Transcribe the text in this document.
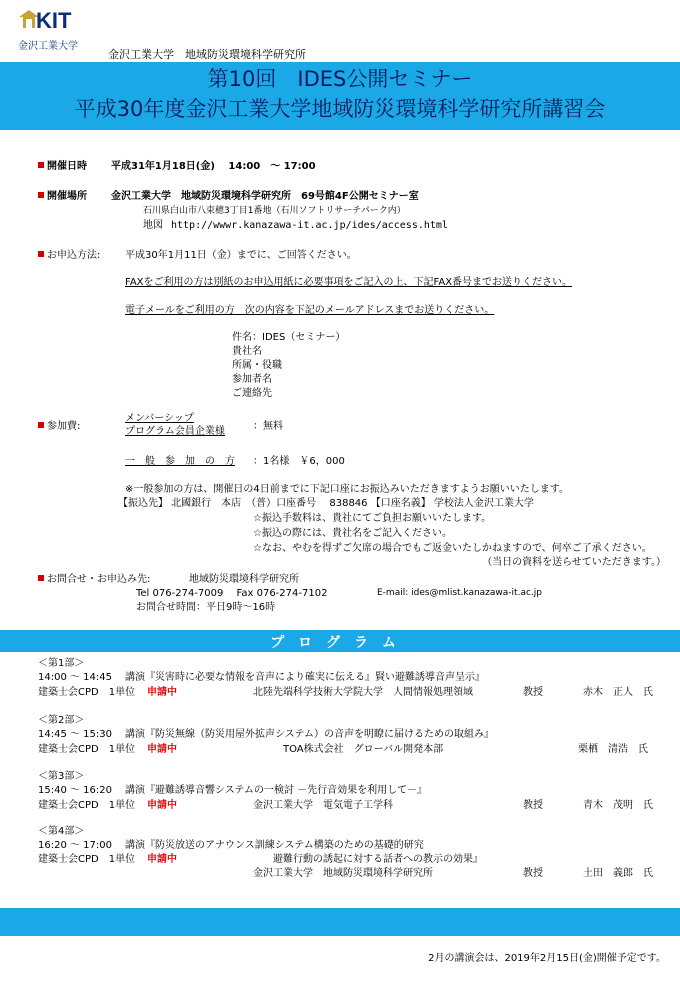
KIT
金沢工業大学
金沢工業大学　地域防災環境科学研究所
第10回　IDES公開セミナー
平成30年度金沢工業大学地域防災環境科学研究所講習会
開催日時 平成31年1月18日(金)　 14:00　～ 17:00
開催場所 金沢工業大学　地域防災環境科学研究所　69号館4F公開セミナー室
石川県白山市八束穂3丁目1番地（石川ソフトリサーチパーク内）
地図 http://wwwr.kanazawa-it.ac.jp/ides/access.html
お申込方法: 平成30年1月11日（金）までに、ご回答ください。
FAXをご利用の方は別紙のお申込用紙に必要事項をご記入の上、下記FAX番号までお送りください。
電子メールをご利用の方　次の内容を下記のメールアドレスまでお送りください。
件名：IDES（セミナー）
貴社名
所属・役職
参加者名
ご連絡先
参加費:
メンバーシップ
プログラム会員企業様	：無料
一　般　参　加　の　方 ：1名様　￥6，000
※一般参加の方は、開催日の4日前までに下記口座にお振込みいただきますようお願いいたします。
【振込先】 北國銀行　本店　（普）口座番号　 838846 【口座名義】 学校法人金沢工業大学
☆振込手数料は、貴社にてご負担お願いいたします。
☆振込の際には、貴社名をご記入ください。
☆なお、やむを得ずご欠席の場合でもご返金いたしかねますので、何卒ご了承ください。
（当日の資料を送らせていただきます。）
お問合せ・お申込み先:	地域防災環境科学研究所
Tel 076-274-7009　 Fax 076-274-7102	E-mail: ides@mlist.kanazawa-it.ac.jp
お問合せ時間：平日9時～16時
プログラム
＜第1部＞
14:00 ～ 14:45 講演『災害時に必要な情報を音声により確実に伝える』賢い避難誘導音声呈示』
建築士会CPD　1単位 申請中	北陸先端科学技術大学院大学　人間情報処理領域	教授	赤木　正人　氏
＜第2部＞
14:45 ～ 15:30 講演『防災無線（防災用屋外拡声システム）の音声を明瞭に届けるための取組み』
建築士会CPD　1単位 申請中	TOA株式会社　グローバル開発本部	栗栖　清浩　氏
＜第3部＞
15:40 ～ 16:20 講演『避難誘導音響システムの一検討 －先行音効果を利用して－』
建築士会CPD　1単位 申請中	金沢工業大学　電気電子工学科	教授	青木　茂明　氏
＜第4部＞
16:20 ～ 17:00 講演『防災放送のアナウンス訓練システム構築のための基礎的研究
建築士会CPD　1単位 申請中	避難行動の誘起に対する話者への教示の効果』
金沢工業大学　地域防災環境科学研究所	教授	土田　義郎　氏
2月の講演会は、2019年2月15日(金)開催予定です。
